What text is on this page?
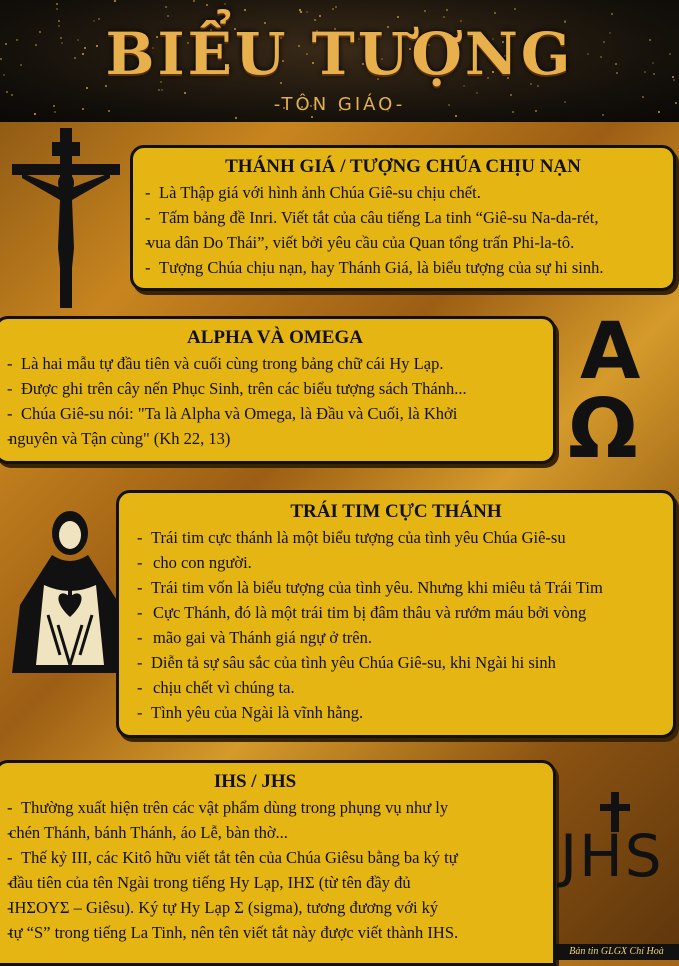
BIỂU TƯỢNG
-TÔN GIÁO-
THÁNH GIÁ / TƯỢNG CHÚA CHỊU NẠN
- Là Thập giá với hình ảnh Chúa Giê-su chịu chết.
- Tấm bảng đề Inri. Viết tắt của câu tiếng La tinh “Giê-su Na-da-rét,
- vua dân Do Thái”, viết bởi yêu cầu của Quan tổng trấn Phi-la-tô.
- Tượng Chúa chịu nạn, hay Thánh Giá, là biểu tượng của sự hi sinh.
ALPHA VÀ OMEGA
- Là hai mẫu tự đầu tiên và cuối cùng trong bảng chữ cái Hy Lạp.
- Được ghi trên cây nến Phục Sinh, trên các biểu tượng sách Thánh...
- Chúa Giê-su nói: "Ta là Alpha và Omega, là Đầu và Cuối, là Khởi
- nguyên và Tận cùng" (Kh 22, 13)
A
Ω
TRÁI TIM CỰC THÁNH
- Trái tim cực thánh là một biểu tượng của tình yêu Chúa Giê-su
- cho con người.
- Trái tim vốn là biểu tượng của tình yêu. Nhưng khi miêu tả Trái Tim
- Cực Thánh, đó là một trái tim bị đâm thâu và rướm máu bởi vòng
- mão gai và Thánh giá ngự ở trên.
- Diễn tả sự sâu sắc của tình yêu Chúa Giê-su, khi Ngài hi sinh
- chịu chết vì chúng ta.
- Tình yêu của Ngài là vĩnh hằng.
IHS / JHS
- Thường xuất hiện trên các vật phẩm dùng trong phụng vụ như ly
- chén Thánh, bánh Thánh, áo Lễ, bàn thờ...
- Thế kỷ III, các Kitô hữu viết tắt tên của Chúa Giêsu bằng ba ký tự
- đầu tiên của tên Ngài trong tiếng Hy Lạp, IHΣ (từ tên đầy đủ
- IHΣOYΣ – Giêsu). Ký tự Hy Lạp Σ (sigma), tương đương với ký
- tự “S” trong tiếng La Tinh, nên tên viết tắt này được viết thành IHS.
JHS
Bản tin GLGX Chí Hoà
